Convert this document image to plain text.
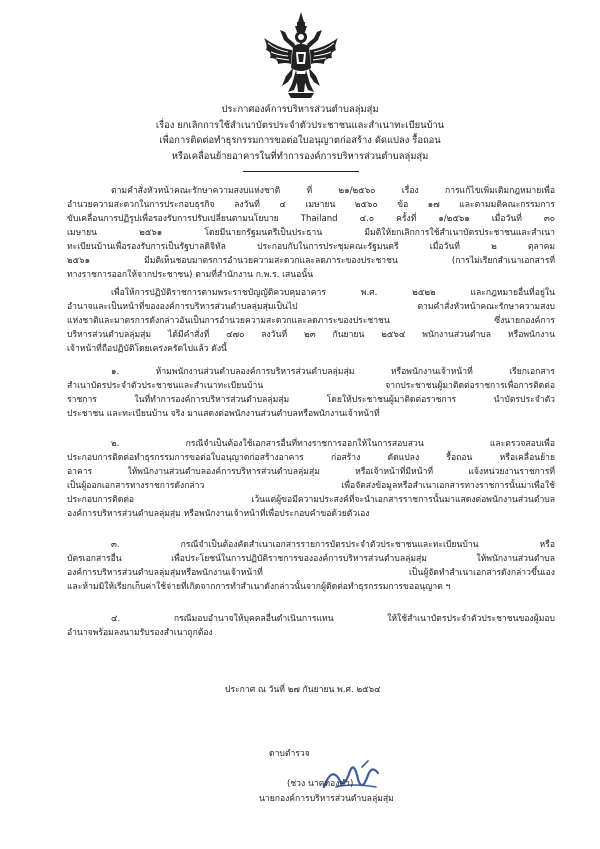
ประกาศองค์การบริหารส่วนตำบลลุ่มสุ่ม
เรื่อง ยกเลิกการใช้สำเนาบัตรประจำตัวประชาชนและสำเนาทะเบียนบ้าน
เพื่อการติดต่อทำธุรกรรมการขอต่อใบอนุญาตก่อสร้าง ดัดแปลง รื้อถอน
หรือเคลื่อนย้ายอาคารในที่ทำการองค์การบริหารส่วนตำบลลุ่มสุ่ม
ตามคำสั่งหัวหน้าคณะรักษาความสงบแห่งชาติ ที่ ๒๑/๒๕๖๐ เรื่อง การแก้ไขเพิ่มเติมกฎหมายเพื่อ
อำนวยความสะดวกในการประกอบธุรกิจ ลงวันที่ ๔ เมษายน ๒๕๖๐ ข้อ ๑๗ และตามมติคณะกรรมการ
ขับเคลื่อนการปฏิรูปเพื่อรองรับการปรับเปลี่ยนตามนโยบาย Thailand ๔.๐ ครั้งที่ ๑/๒๕๖๑ เมื่อวันที่ ๓๐
เมษายน ๒๕๖๑ โดยมีนายกรัฐมนตรีเป็นประธาน มีมติให้ยกเลิกการใช้สำเนาบัตรประชาชนและสำเนา
ทะเบียนบ้านเพื่อรองรับการเป็นรัฐบาลดิจิทัล ประกอบกับในการประชุมคณะรัฐมนตรี เมื่อวันที่ ๒ ตุลาคม
๒๕๖๑ มีมติเห็นชอบมาตรการอำนวยความสะดวกและลดภาระของประชาชน (การไม่เรียกสำเนาเอกสารที่
ทางราชการออกให้จากประชาชน) ตามที่สำนักงาน ก.พ.ร. เสนอนั้น
เพื่อให้การปฏิบัติราชการตามพระราชบัญญัติควบคุมอาคาร พ.ศ. ๒๕๒๒ และกฎหมายอื่นที่อยู่ใน
อำนาจและเป็นหน้าที่ขององค์การบริหารส่วนตำบลลุ่มสุ่มเป็นไป ตามคำสั่งหัวหน้าคณะรักษาความสงบ
แห่งชาติและมาตรการดังกล่าวอันเป็นการอำนวยความสะดวกและลดภาระของประชาชน ซึ่งนายกองค์การ
บริหารส่วนตำบลลุ่มสุ่ม ได้มีคำสั่งที่ ๔๗๐ ลงวันที่ ๒๓ กันยายน ๒๕๖๔ พนักงานส่วนตำบล หรือพนักงาน
เจ้าหน้าที่ถือปฏิบัติโดยเคร่งครัดไปแล้ว ดังนี้
๑. ห้ามพนักงานส่วนตำบลองค์การบริหารส่วนตำบลลุ่มสุ่ม หรือพนักงานเจ้าหน้าที่ เรียกเอกสาร
สำเนาบัตรประจำตัวประชาชนและสำเนาทะเบียนบ้าน จากประชาชนผู้มาติดต่อราชการเพื่อการติดต่อ
ราชการ ในที่ทำการองค์การบริหารส่วนตำบลลุ่มสุ่ม โดยให้ประชาชนผู้มาติดต่อราชการ นำบัตรประจำตัว
ประชาชน และทะเบียนบ้าน จริง มาแสดงต่อพนักงานส่วนตำบลหรือพนักงานเจ้าหน้าที่
๒. กรณีจำเป็นต้องใช้เอกสารอื่นที่ทางราชการออกให้ในการสอบสวน และตรวจสอบเพื่อ
ประกอบการติดต่อทำธุรกรรมการขอต่อใบอนุญาตก่อสร้างอาคาร ก่อสร้าง ดัดแปลง รื้อถอน หรือเคลื่อนย้าย
อาคาร ให้พนักงานส่วนตำบลองค์การบริหารส่วนตำบลลุ่มสุ่ม หรือเจ้าหน้าที่มีหน้าที่ แจ้งหน่วยงานราชการที่
เป็นผู้ออกเอกสารทางราชการดังกล่าว เพื่อจัดส่งข้อมูลหรือสำเนาเอกสารทางราชการนั้นมาเพื่อใช้
ประกอบการติดต่อ เว้นแต่ผู้ขอมีความประสงค์ที่จะนำเอกสารราชการนั้นมาแสดงต่อพนักงานส่วนตำบล
องค์การบริหารส่วนตำบลลุ่มสุ่ม หรือพนักงานเจ้าหน้าที่เพื่อประกอบคำขอด้วยตัวเอง
๓. กรณีจำเป็นต้องคัดสำเนาเอกสารรายการบัตรประจำตัวประชาชนและทะเบียนบ้าน หรือ
บัตรเอกสารอื่น เพื่อประโยชน์ในการปฏิบัติราชการขององค์การบริหารส่วนตำบลลุ่มสุ่ม ให้พนักงานส่วนตำบล
องค์การบริหารส่วนตำบลลุ่มสุ่มหรือพนักงานเจ้าหน้าที่ เป็นผู้จัดทำสำเนาเอกสารดังกล่าวขึ้นเอง
และห้ามมิให้เรียกเก็บค่าใช้จ่ายที่เกิดจากการทำสำเนาดังกล่าวนั้นจากผู้ติดต่อทำธุรกรรมการขออนุญาต ฯ
๔. กรณีมอบอำนาจให้บุคคลอื่นดำเนินการแทน ให้ใช้สำเนาบัตรประจำตัวประชาชนของผู้มอบ
อำนาจพร้อมลงนามรับรองสำเนาถูกต้อง
ประกาศ ณ วันที่ ๒๗ กันยายน พ.ศ. ๒๕๖๔
ดาบตำรวจ
(ช่วง นาคทองคำ)
นายกองค์การบริหารส่วนตำบลลุ่มสุ่ม
